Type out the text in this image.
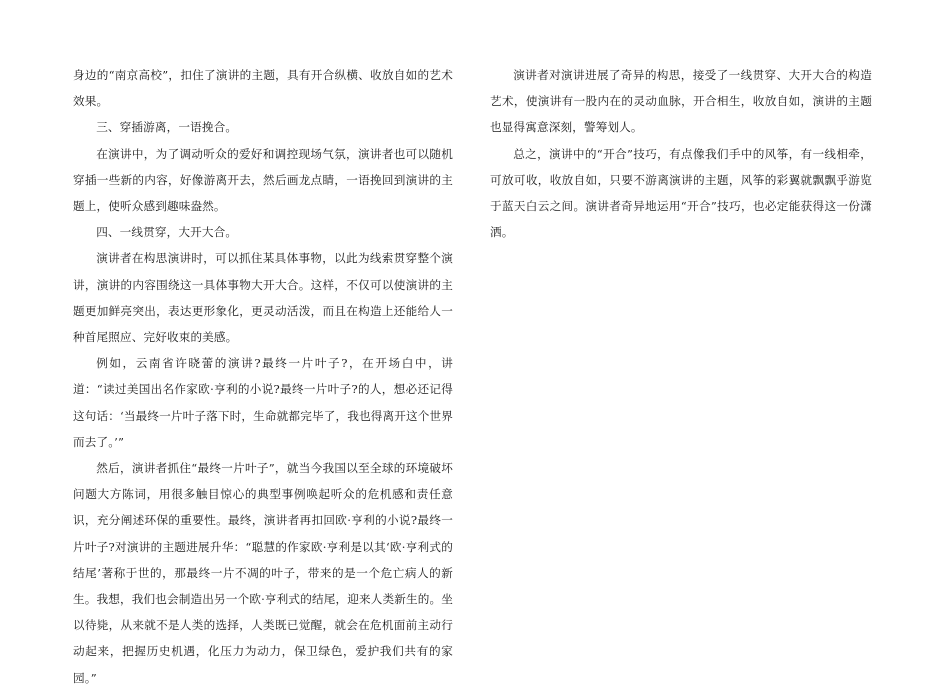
身边的“南京高校”，扣住了演讲的主题，具有开合纵横、收放自如的艺术效果。

三、穿插游离，一语挽合。

在演讲中，为了调动听众的爱好和调控现场气氛，演讲者也可以随机穿插一些新的内容，好像游离开去，然后画龙点睛，一语挽回到演讲的主题上，使听众感到趣味盎然。

四、一线贯穿，大开大合。

演讲者在构思演讲时，可以抓住某具体事物，以此为线索贯穿整个演讲，演讲的内容围绕这一具体事物大开大合。这样，不仅可以使演讲的主题更加鲜亮突出，表达更形象化，更灵动活泼，而且在构造上还能给人一种首尾照应、完好收束的美感。

例如，云南省许晓蕾的演讲?最终一片叶子?，在开场白中，讲道：“读过美国出名作家欧·亨利的小说?最终一片叶子?的人，想必还记得这句话：‘当最终一片叶子落下时，生命就都完毕了，我也得离开这个世界而去了。’”

然后，演讲者抓住“最终一片叶子”，就当今我国以至全球的环境破坏问题大方陈词，用很多触目惊心的典型事例唤起听众的危机感和责任意识，充分阐述环保的重要性。最终，演讲者再扣回欧·亨利的小说?最终一片叶子?对演讲的主题进展升华：“聪慧的作家欧·亨利是以其‘欧·亨利式的结尾’著称于世的，那最终一片不凋的叶子，带来的是一个危亡病人的新生。我想，我们也会制造出另一个欧·亨利式的结尾，迎来人类新生的。坐以待毙，从来就不是人类的选择，人类既已觉醒，就会在危机面前主动行动起来，把握历史机遇，化压力为动力，保卫绿色，爱护我们共有的家园。”

演讲者对演讲进展了奇异的构思，接受了一线贯穿、大开大合的构造艺术，使演讲有一股内在的灵动血脉，开合相生，收放自如，演讲的主题也显得寓意深刻，警筹划人。

总之，演讲中的“开合”技巧，有点像我们手中的风筝，有一线相牵，可放可收，收放自如，只要不游离演讲的主题，风筝的彩翼就飘飘乎游览于蓝天白云之间。演讲者奇异地运用“开合”技巧，也必定能获得这一份潇洒。
